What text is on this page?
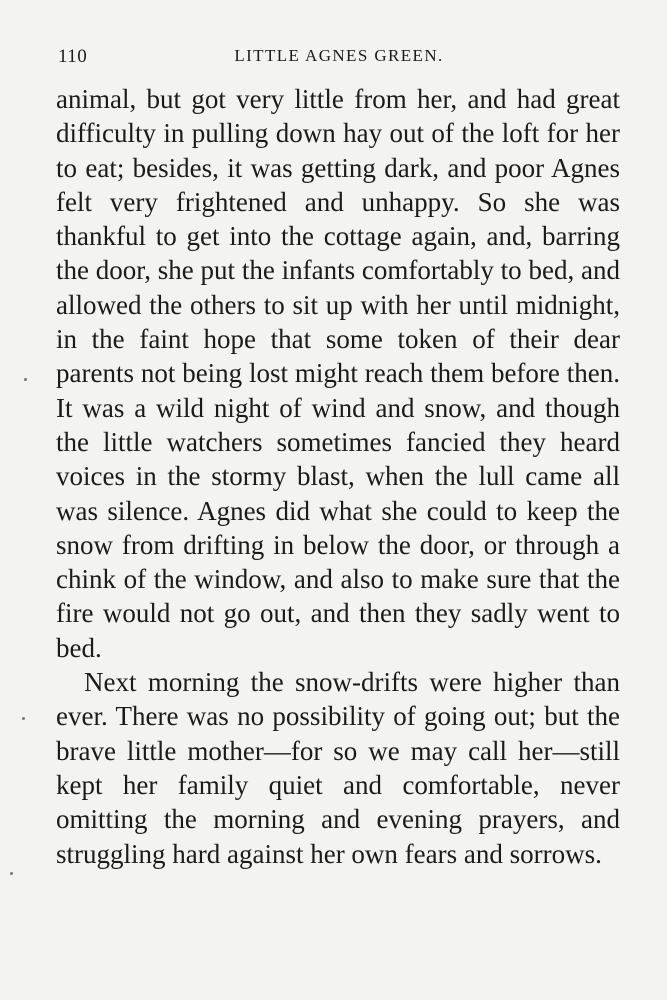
110	LITTLE AGNES GREEN.

animal, but got very little from her, and had great difficulty in pulling down hay out of the loft for her to eat; besides, it was getting dark, and poor Agnes felt very frightened and unhappy. So she was thankful to get into the cottage again, and, barring the door, she put the infants comfortably to bed, and allowed the others to sit up with her until midnight, in the faint hope that some token of their dear parents not being lost might reach them before then. It was a wild night of wind and snow, and though the little watchers sometimes fancied they heard voices in the stormy blast, when the lull came all was silence. Agnes did what she could to keep the snow from drifting in below the door, or through a chink of the window, and also to make sure that the fire would not go out, and then they sadly went to bed.

Next morning the snow-drifts were higher than ever. There was no possibility of going out; but the brave little mother—for so we may call her—still kept her family quiet and comfortable, never omitting the morning and evening prayers, and struggling hard against her own fears and sorrows.
